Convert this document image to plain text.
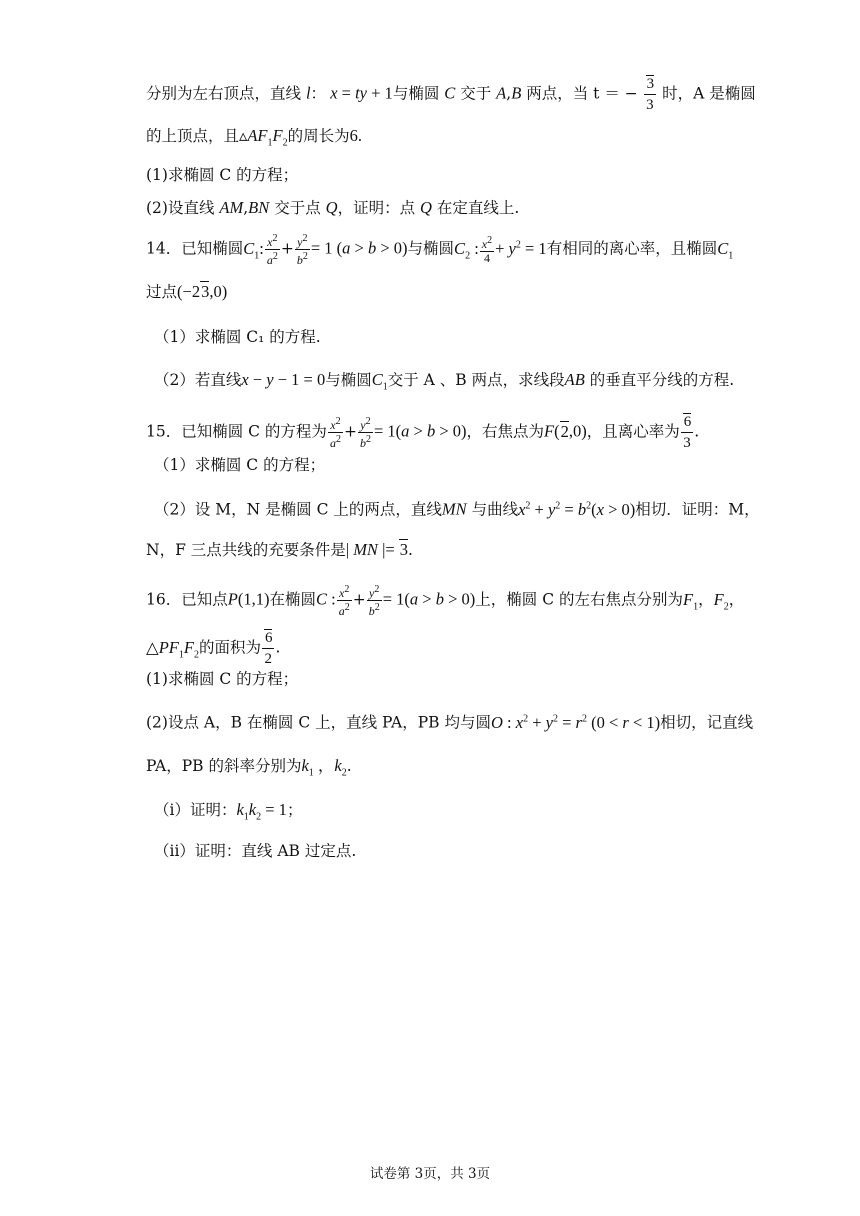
分别为左右顶点，直线 l： x = ty + 1与椭圆 C 交于 A,B 两点，当 t ＝ − $\frac{3}{3}$ 时，A 是椭圆
的上顶点，且$▵AF_1F_2$的周长为6.
(1)求椭圆 C 的方程；
(2)设直线 AM,BN 交于点 Q，证明：点 Q 在定直线上.
14．已知椭圆$C_1$: $\frac{x^2}{a^2} + \frac{y^2}{b^2} = 1$ (a > b > 0)与椭圆$C_2$ : $\frac{x^2}{4} + y^2 = 1$有相同的离心率，且椭圆$C_1$
过点(−23,0)
（1）求椭圆 C₁ 的方程.
（2）若直线x − y − 1 = 0与椭圆$C_1$交于 A 、B 两点，求线段AB 的垂直平分线的方程.
15．已知椭圆 C 的方程为 $\frac{x^2}{a^2} + \frac{y^2}{b^2} = 1(a > b > 0)$，右焦点为F(2,0)，且离心率为 $\frac{6}{3}$ .
（1）求椭圆 C 的方程；
（2）设 M，N 是椭圆 C 上的两点，直线MN 与曲线$x^2 + y^2 = b^2(x > 0)$相切．证明：M，
N，F 三点共线的充要条件是| MN |= 3.
16．已知点P(1,1)在椭圆C : $\frac{x^2}{a^2} + \frac{y^2}{b^2} = 1(a > b > 0)$上，椭圆 C 的左右焦点分别为$F_1$，$F_2$，
$\triangle PF_1F_2$的面积为 $\frac{6}{2}$ .
(1)求椭圆 C 的方程；
(2)设点 A，B 在椭圆 C 上，直线 PA，PB 均与圆O : $x^2 + y^2 = r^2$ (0 < r < 1)相切，记直线
PA，PB 的斜率分别为$k_1$ ，$k_2$.
（i）证明：$k_1k_2 = 1$；
（ii）证明：直线 AB 过定点.
试卷第 3页，共 3页
